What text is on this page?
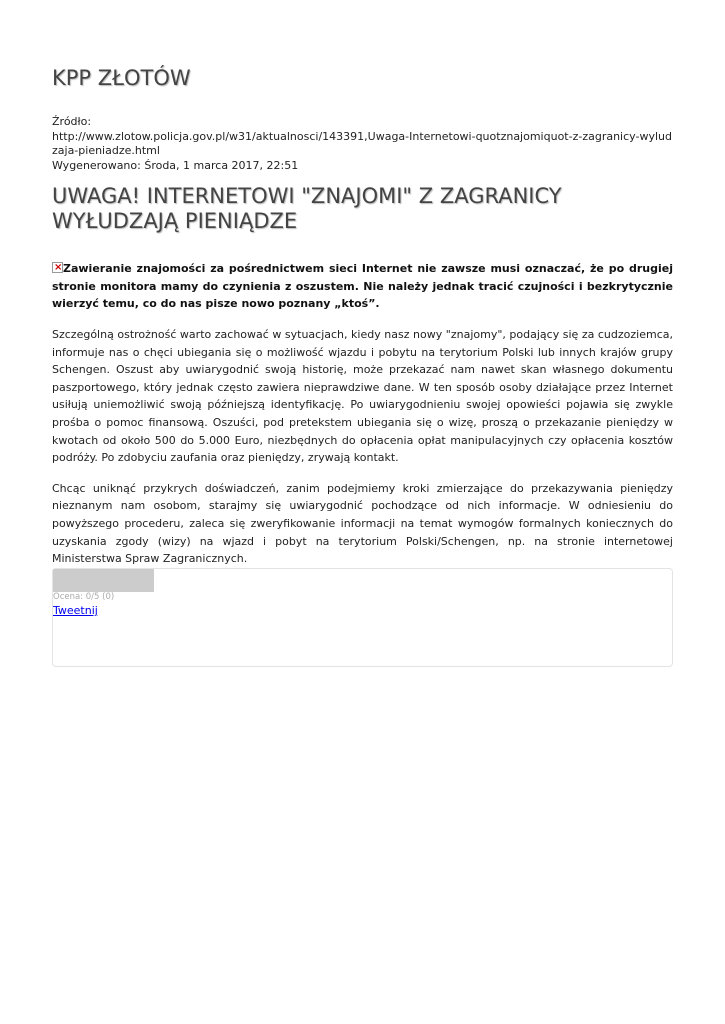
KPP ZŁOTÓW
Źródło:
http://www.zlotow.policja.gov.pl/w31/aktualnosci/143391,Uwaga-Internetowi-quotznajomiquot-z-zagranicy-wyludzaja-pieniadze.html
Wygenerowano: Środa, 1 marca 2017, 22:51
UWAGA! INTERNETOWI "ZNAJOMI" Z ZAGRANICY WYŁUDZAJĄ PIENIĄDZE
×Zawieranie znajomości za pośrednictwem sieci Internet nie zawsze musi oznaczać, że po drugiej stronie monitora mamy do czynienia z oszustem. Nie należy jednak tracić czujności i bezkrytycznie wierzyć temu, co do nas pisze nowo poznany „ktoś”.

Szczególną ostrożność warto zachować w sytuacjach, kiedy nasz nowy "znajomy", podający się za cudzoziemca, informuje nas o chęci ubiegania się o możliwość wjazdu i pobytu na terytorium Polski lub innych krajów grupy Schengen. Oszust aby uwiarygodnić swoją historię, może przekazać nam nawet skan własnego dokumentu paszportowego, który jednak często zawiera nieprawdziwe dane. W ten sposób osoby działające przez Internet usiłują uniemożliwić swoją późniejszą identyfikację. Po uwiarygodnieniu swojej opowieści pojawia się zwykle prośba o pomoc finansową. Oszuści, pod pretekstem ubiegania się o wizę, proszą o przekazanie pieniędzy w kwotach od około 500 do 5.000 Euro, niezbędnych do opłacenia opłat manipulacyjnych czy opłacenia kosztów podróży. Po zdobyciu zaufania oraz pieniędzy, zrywają kontakt.

Chcąc uniknąć przykrych doświadczeń, zanim podejmiemy kroki zmierzające do przekazywania pieniędzy nieznanym nam osobom, starajmy się uwiarygodnić pochodzące od nich informacje. W odniesieniu do powyższego procederu, zaleca się zweryfikowanie informacji na temat wymogów formalnych koniecznych do uzyskania zgody (wizy) na wjazd i pobyt na terytorium Polski/Schengen, np. na stronie internetowej Ministerstwa Spraw Zagranicznych.

Ocena: 0/5 (0)
Tweetnij
